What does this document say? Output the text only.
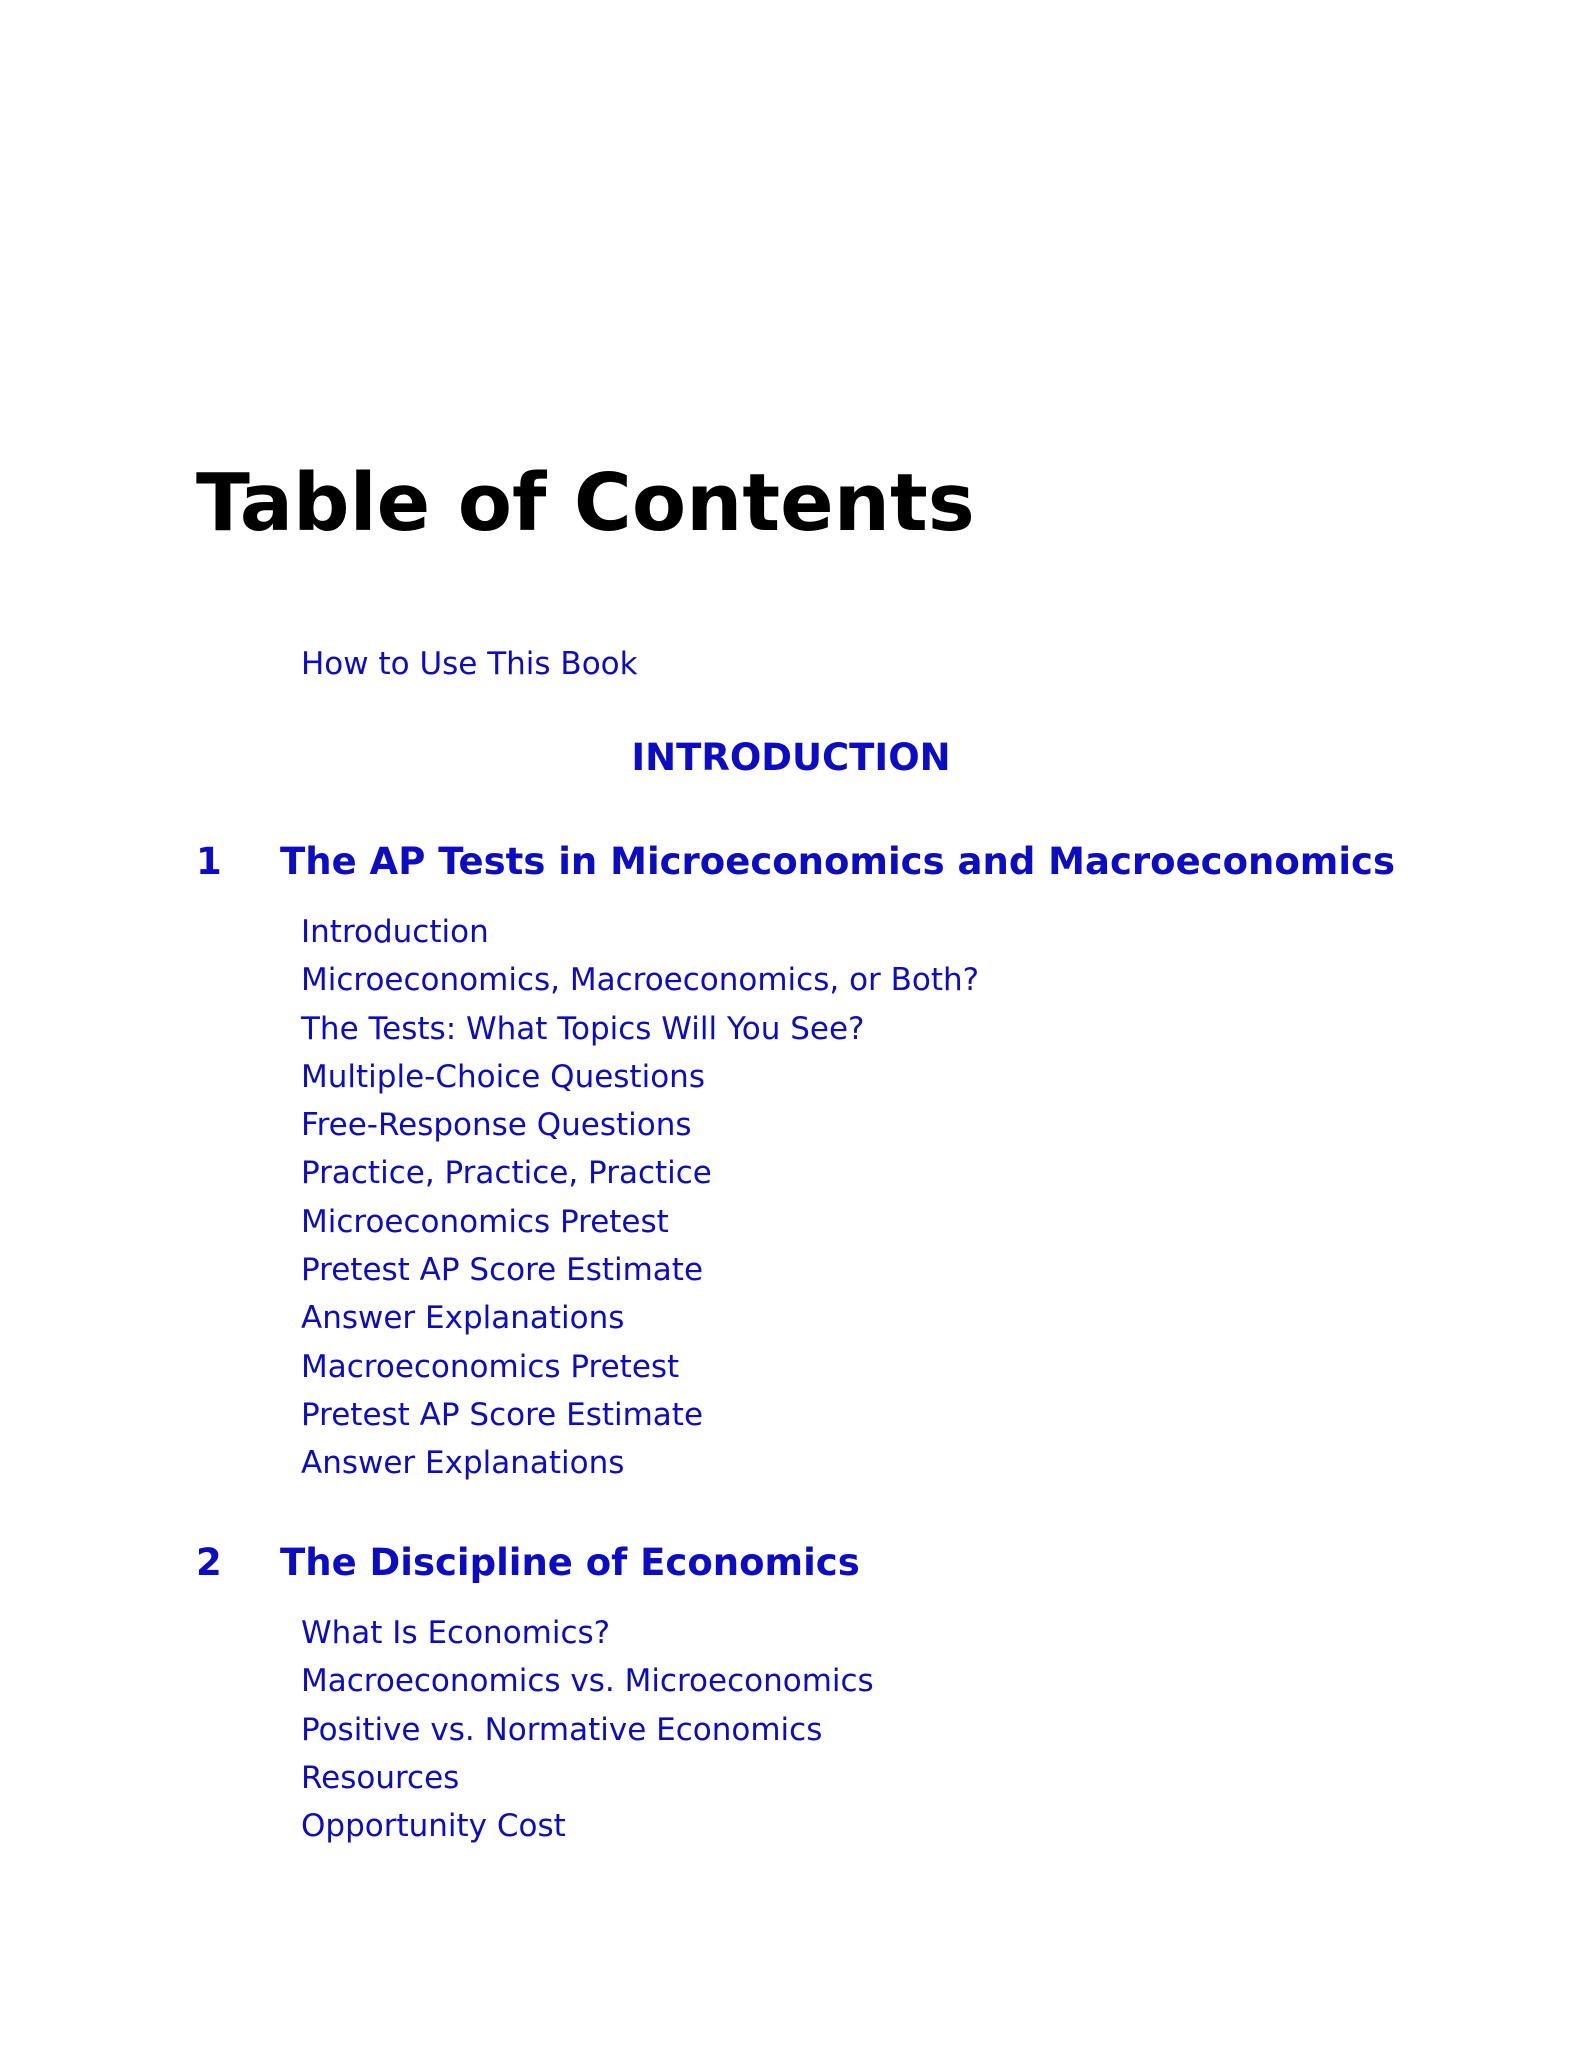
Table of Contents
How to Use This Book
INTRODUCTION
1 The AP Tests in Microeconomics and Macroeconomics
Introduction
Microeconomics, Macroeconomics, or Both?
The Tests: What Topics Will You See?
Multiple-Choice Questions
Free-Response Questions
Practice, Practice, Practice
Microeconomics Pretest
Pretest AP Score Estimate
Answer Explanations
Macroeconomics Pretest
Pretest AP Score Estimate
Answer Explanations
2 The Discipline of Economics
What Is Economics?
Macroeconomics vs. Microeconomics
Positive vs. Normative Economics
Resources
Opportunity Cost
